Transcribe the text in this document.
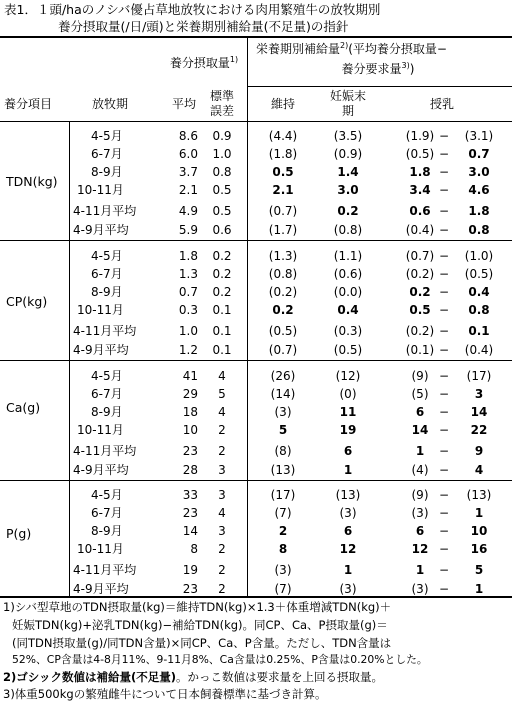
表1．１頭/haのノシバ優占草地放牧における肉用繁殖牛の放牧期別
養分摂取量(/日/頭)と栄養期別補給量(不足量)の指針
養分摂取量$^{1)}$
栄養期別補給量$^{2)}$(平均養分摂取量−
養分要求量$^{3)}$)
養分項目	放牧期	平均
標準
誤差	維持
妊娠末
期	授乳
TDN(kg)
4-5月	8.6 0.9	(4.4)	(3.5)	(1.9) − (3.1)
6-7月	6.0 1.0	(1.8)	(0.9)	(0.5) − 0.7
8-9月	3.7 0.8	0.5	1.4	1.8 − 3.0
10-11月	2.1 0.5	2.1	3.0	3.4 − 4.6
4-11月平均	4.9 0.5	(0.7)	0.2	0.6 − 1.8
4-9月平均	5.9 0.6	(1.7)	(0.8)	(0.4) − 0.8
CP(kg)
4-5月	1.8 0.2	(1.3)	(1.1)	(0.7) − (1.0)
6-7月	1.3 0.2	(0.8)	(0.6)	(0.2) − (0.5)
8-9月	0.7 0.2	(0.2)	(0.0)	0.2 − 0.4
10-11月	0.3 0.1	0.2	0.4	0.5 − 0.8
4-11月平均	1.0 0.1	(0.5)	(0.3)	(0.2) − 0.1
4-9月平均	1.2 0.1	(0.7)	(0.5)	(0.1) − (0.4)
Ca(g)
4-5月	41 4	(26)	(12)	(9) − (17)
6-7月	29 5	(14)	(0)	(5) − 3
8-9月	18 4	(3)	11	6 − 14
10-11月	10 2	5	19	14 − 22
4-11月平均	23 2	(8)	6	1 − 9
4-9月平均	28 3	(13)	1	(4) − 4
P(g)
4-5月	33 3	(17)	(13)	(9) − (13)
6-7月	23 4	(7)	(3)	(3) − 1
8-9月	14 3	2	6	6 − 10
10-11月	8 2	8	12	12 − 16
4-11月平均	19 2	(3)	1	1 − 5
4-9月平均	23 2	(7)	(3)	(3) − 1
1)シバ型草地のTDN摂取量(kg)＝維持TDN(kg)×1.3＋体重増減TDN(kg)＋
妊娠TDN(kg)+泌乳TDN(kg)−補給TDN(kg)。同CP、Ca、P摂取量(g)＝
(同TDN摂取量(g)/同TDN含量)×同CP、Ca、P含量。ただし、TDN含量は
52%、CP含量は4-8月11%、9-11月8%、Ca含量は0.25%、P含量は0.20%とした。
2)ゴシック数値は補給量(不足量)。かっこ数値は要求量を上回る摂取量。
3)体重500kgの繁殖雌牛について日本飼養標準に基づき計算。
